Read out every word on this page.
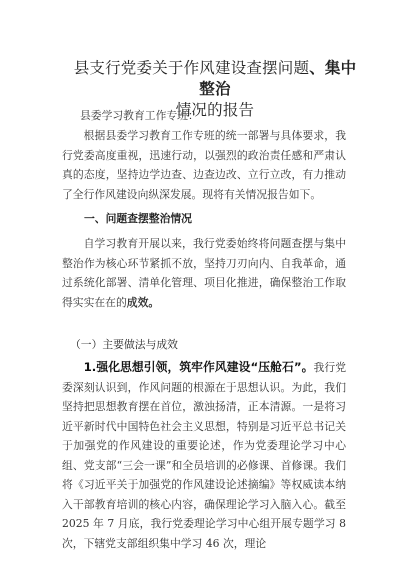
县支行党委关于作风建设查摆问题、集中整治
情况的报告
县委学习教育工作专班：
根据县委学习教育工作专班的统一部署与具体要求，我行党委高度重视，迅速行动，以强烈的政治责任感和严肃认真的态度，坚持边学边查、边查边改、立行立改，有力推动了全行作风建设向纵深发展。现将有关情况报告如下。
一、问题查摆整治情况
自学习教育开展以来，我行党委始终将问题查摆与集中整治作为核心环节紧抓不放，坚持刀刃向内、自我革命，通过系统化部署、清单化管理、项目化推进，确保整治工作取得实实在在的成效。
（一）主要做法与成效
1.强化思想引领，筑牢作风建设“压舱石”。我行党委深刻认识到，作风问题的根源在于思想认识。为此，我们坚持把思想教育摆在首位，激浊扬清，正本清源。一是将习近平新时代中国特色社会主义思想，特别是习近平总书记关于加强党的作风建设的重要论述，作为党委理论学习中心组、党支部“三会一课”和全员培训的必修课、首修课。我们将《习近平关于加强党的作风建设论述摘编》等权威读本纳入干部教育培训的核心内容，确保理论学习入脑入心。截至 2025 年 7 月底，我行党委理论学习中心组开展专题学习 8 次，下辖党支部组织集中学习 46 次，理论
